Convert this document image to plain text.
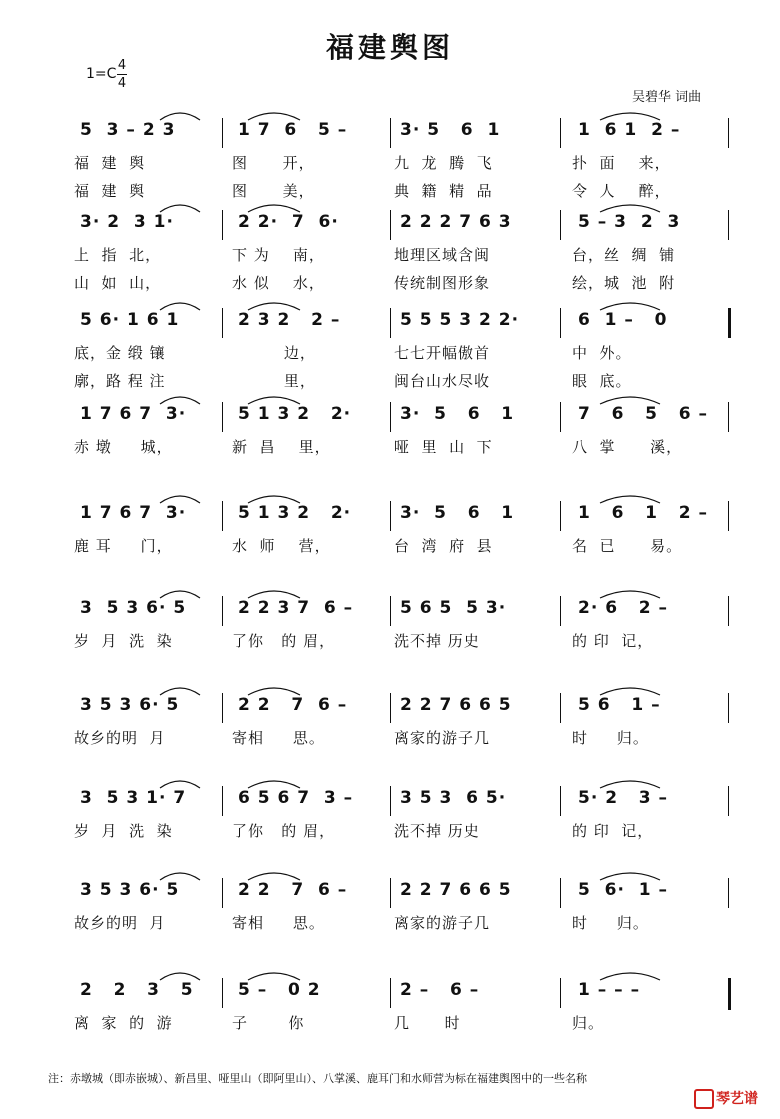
福建舆图
1=C
4
4
吴碧华 词曲
5  3 – 2 3	1 7  6   5 –	3· 5   6  1	1  6 1  2 –
福  建  舆	图      开，	九  龙  腾  飞	扑  面    来，
福  建  舆	图      美，	典  籍  精  品	令  人    醉，
3· 2  3 1·	2 2·  7  6·	2 2 2 7 6 3	5 – 3  2  3
上  指  北，	下 为    南，	地理区域含闽	台，丝  绸  铺
山  如  山，	水 似    水，	传统制图形象	绘，城  池  附
5 6· 1 6 1	2 3 2   2 –	5 5 5 3 2 2·	6  1 –   0
底，金 缎 镶	边，	七七开幅傲首	中  外。
廓，路 程 注	里，	闽台山水尽收	眼  底。
1 7 6 7  3·	5 1 3 2   2·	3·  5   6   1	7   6   5   6 –
赤 墩     城，	新  昌    里，	哑  里  山  下	八  掌      溪，
1 7 6 7  3·	5 1 3 2   2·	3·  5   6   1	1   6   1   2 –
鹿 耳     门，	水  师    营，	台  湾  府  县	名  已      易。
3  5 3 6· 5	2 2 3 7  6 –	5 6 5  5 3·	2· 6   2 –
岁  月  洗  染	了你   的 眉，	洗不掉 历史	的 印  记，
3 5 3 6· 5	2 2   7  6 –	2 2 7 6 6 5	5 6   1 –
故乡的明  月	寄相     思。	离家的游子几	时     归。
3  5 3 1· 7	6 5 6 7  3 –	3 5 3  6 5·	5· 2   3 –
岁  月  洗  染	了你   的 眉，	洗不掉 历史	的 印  记，
3 5 3 6· 5	2 2   7  6 –	2 2 7 6 6 5	5  6·  1 –
故乡的明  月	寄相     思。	离家的游子几	时     归。
2   2   3   5	5 –   0 2	2 –   6 –	1 – – –
离  家  的  游	子       你	几      时	归。
注：赤墩城（即赤嵌城）、新昌里、哑里山（即阿里山）、八掌溪、鹿耳门和水师营为标在福建舆图中的一些名称
琴艺谱
